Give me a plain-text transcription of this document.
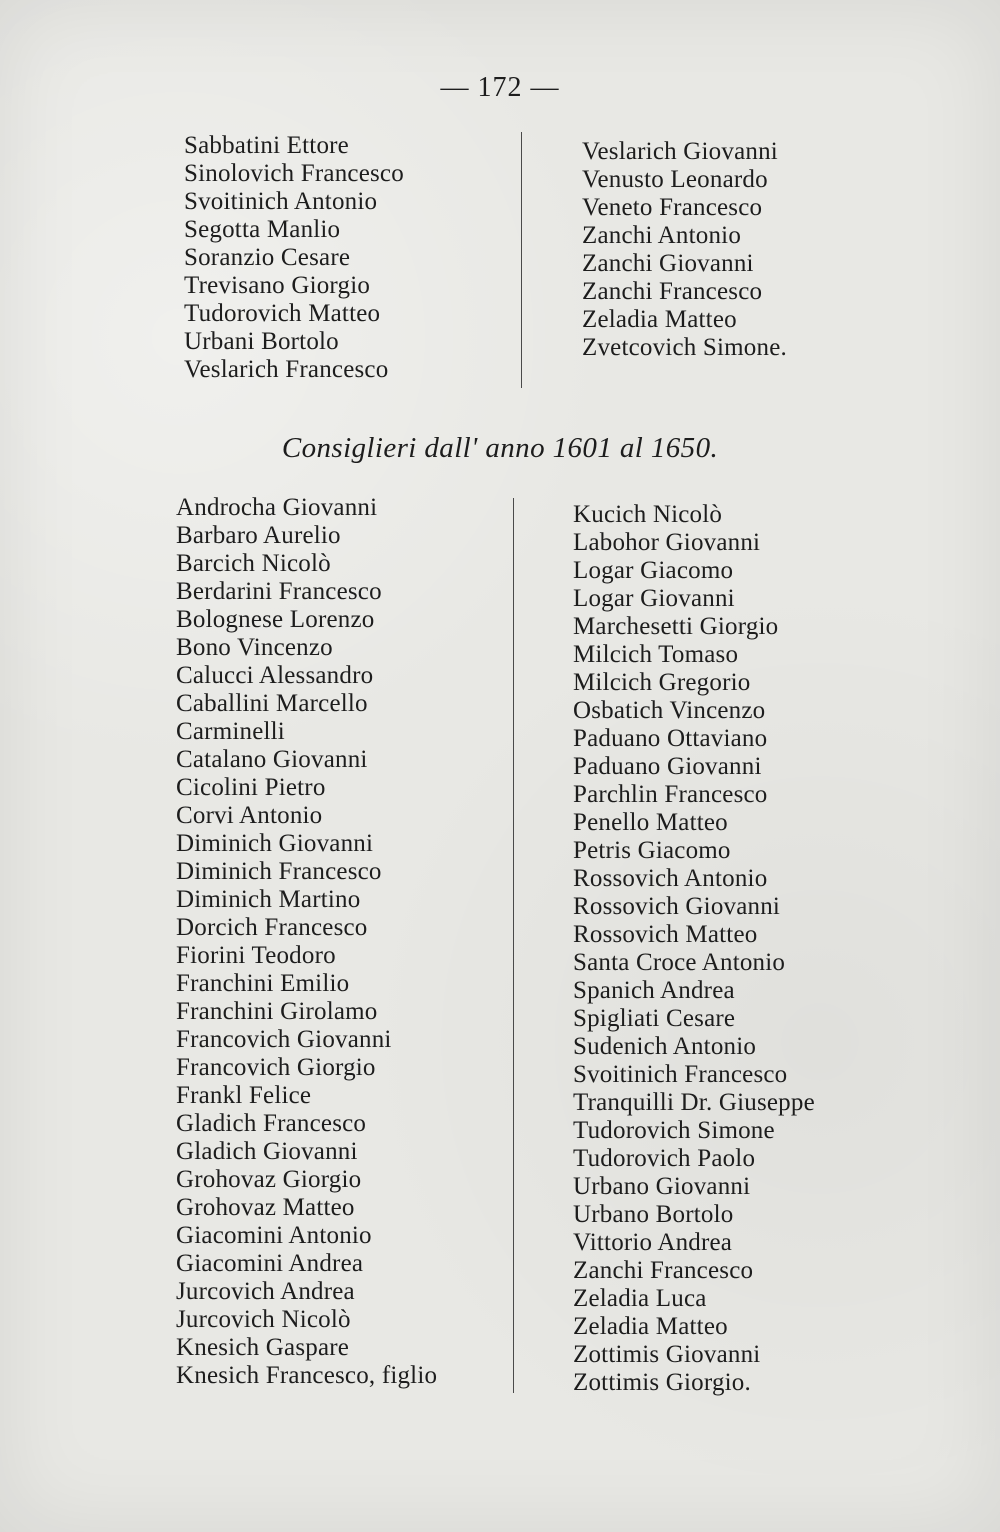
— 172 —
Sabbatini Ettore
Sinolovich Francesco
Svoitinich Antonio
Segotta Manlio
Soranzio Cesare
Trevisano Giorgio
Tudorovich Matteo
Urbani Bortolo
Veslarich Francesco
Veslarich Giovanni
Venusto Leonardo
Veneto Francesco
Zanchi Antonio
Zanchi Giovanni
Zanchi Francesco
Zeladia Matteo
Zvetcovich Simone.
Consiglieri dall' anno 1601 al 1650.
Androcha Giovanni
Barbaro Aurelio
Barcich Nicolò
Berdarini Francesco
Bolognese Lorenzo
Bono Vincenzo
Calucci Alessandro
Caballini Marcello
Carminelli
Catalano Giovanni
Cicolini Pietro
Corvi Antonio
Diminich Giovanni
Diminich Francesco
Diminich Martino
Dorcich Francesco
Fiorini Teodoro
Franchini Emilio
Franchini Girolamo
Francovich Giovanni
Francovich Giorgio
Frankl Felice
Gladich Francesco
Gladich Giovanni
Grohovaz Giorgio
Grohovaz Matteo
Giacomini Antonio
Giacomini Andrea
Jurcovich Andrea
Jurcovich Nicolò
Knesich Gaspare
Knesich Francesco, figlio
Kucich Nicolò
Labohor Giovanni
Logar Giacomo
Logar Giovanni
Marchesetti Giorgio
Milcich Tomaso
Milcich Gregorio
Osbatich Vincenzo
Paduano Ottaviano
Paduano Giovanni
Parchlin Francesco
Penello Matteo
Petris Giacomo
Rossovich Antonio
Rossovich Giovanni
Rossovich Matteo
Santa Croce Antonio
Spanich Andrea
Spigliati Cesare
Sudenich Antonio
Svoitinich Francesco
Tranquilli Dr. Giuseppe
Tudorovich Simone
Tudorovich Paolo
Urbano Giovanni
Urbano Bortolo
Vittorio Andrea
Zanchi Francesco
Zeladia Luca
Zeladia Matteo
Zottimis Giovanni
Zottimis Giorgio.
